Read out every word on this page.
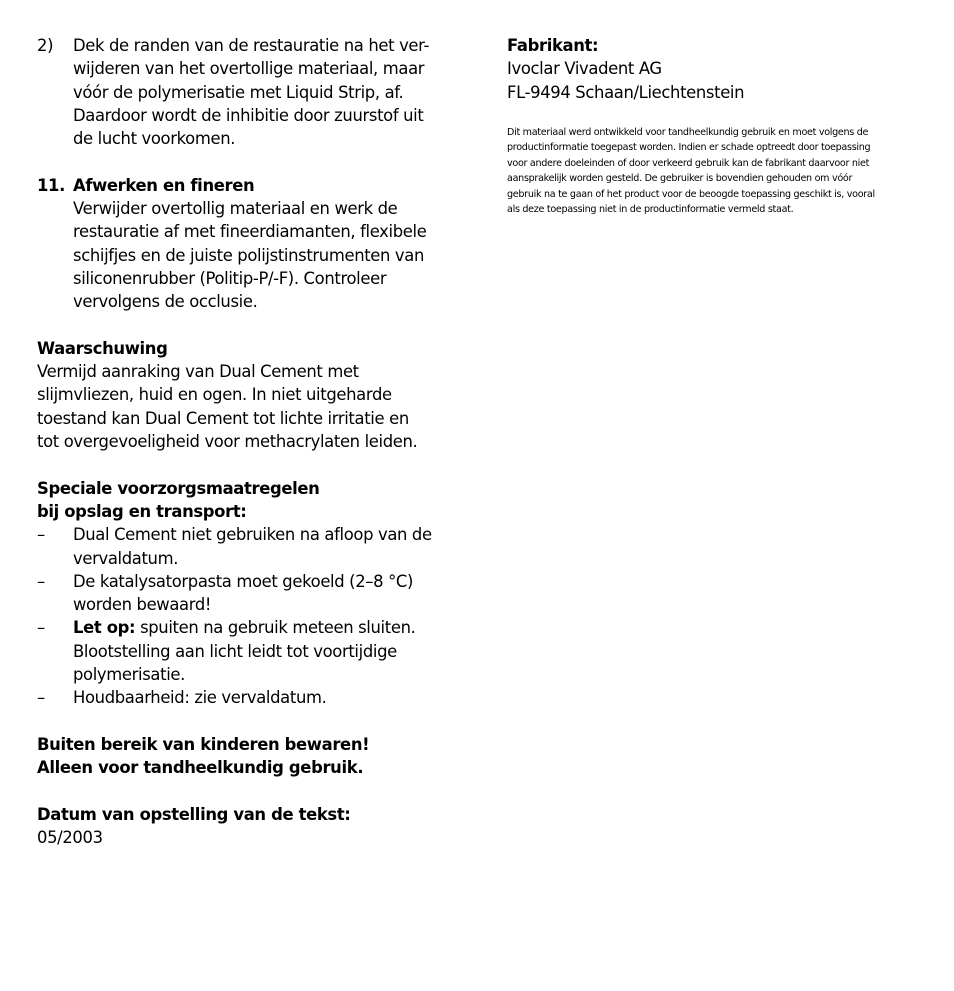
2)	Dek de randen van de restauratie na het ver-
wijderen van het overtollige materiaal, maar
vóór de polymerisatie met Liquid Strip, af.
Daardoor wordt de inhibitie door zuurstof uit
de lucht voorkomen.
11. Afwerken en fineren
Verwijder overtollig materiaal en werk de
restauratie af met fineerdiamanten, flexibele
schijfjes en de juiste polijstinstrumenten van
siliconenrubber (Politip-P/-F). Controleer
vervolgens de occlusie.
Waarschuwing
Vermijd aanraking van Dual Cement met
slijmvliezen, huid en ogen. In niet uitgeharde
toestand kan Dual Cement tot lichte irritatie en
tot overgevoeligheid voor methacrylaten leiden.
Speciale voorzorgsmaatregelen
bij opslag en transport:
–	Dual Cement niet gebruiken na afloop van de
vervaldatum.
–	De katalysatorpasta moet gekoeld (2–8 °C)
worden bewaard!
–	Let op: spuiten na gebruik meteen sluiten.
Blootstelling aan licht leidt tot voortijdige
polymerisatie.
–	Houdbaarheid: zie vervaldatum.
Buiten bereik van kinderen bewaren!
Alleen voor tandheelkundig gebruik.
Datum van opstelling van de tekst:
05/2003
Fabrikant:
Ivoclar Vivadent AG
FL-9494 Schaan/Liechtenstein
Dit materiaal werd ontwikkeld voor tandheelkundig gebruik en moet volgens de
productinformatie toegepast worden. Indien er schade optreedt door toepassing
voor andere doeleinden of door verkeerd gebruik kan de fabrikant daarvoor niet
aansprakelijk worden gesteld. De gebruiker is bovendien gehouden om vóór
gebruik na te gaan of het product voor de beoogde toepassing geschikt is, vooral
als deze toepassing niet in de productinformatie vermeld staat.
